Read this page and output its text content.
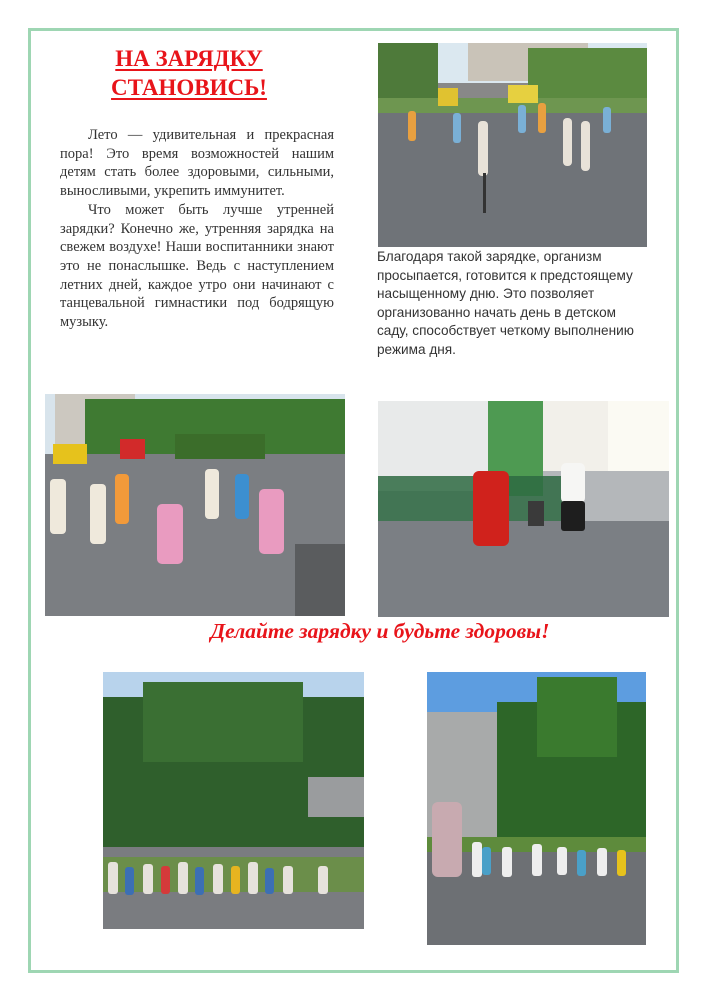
НА ЗАРЯДКУ
СТАНОВИСЬ!

Лето — удивительная и прекрасная пора! Это время возможностей нашим детям стать более здоровыми, сильными, выносливыми, укрепить иммунитет.

Что может быть лучше утренней зарядки? Конечно же, утренняя зарядка на свежем воздухе! Наши воспитанники знают это не понаслышке. Ведь с наступлением летних дней, каждое утро они начинают с танцевальной гимнастики под бодрящую музыку.

Благодаря такой зарядке, организм просыпается, готовится к предстоящему насыщенному дню. Это позволяет организованно начать день в детском саду, способствует четкому выполнению режима дня.
Делайте зарядку и будьте здоровы!
